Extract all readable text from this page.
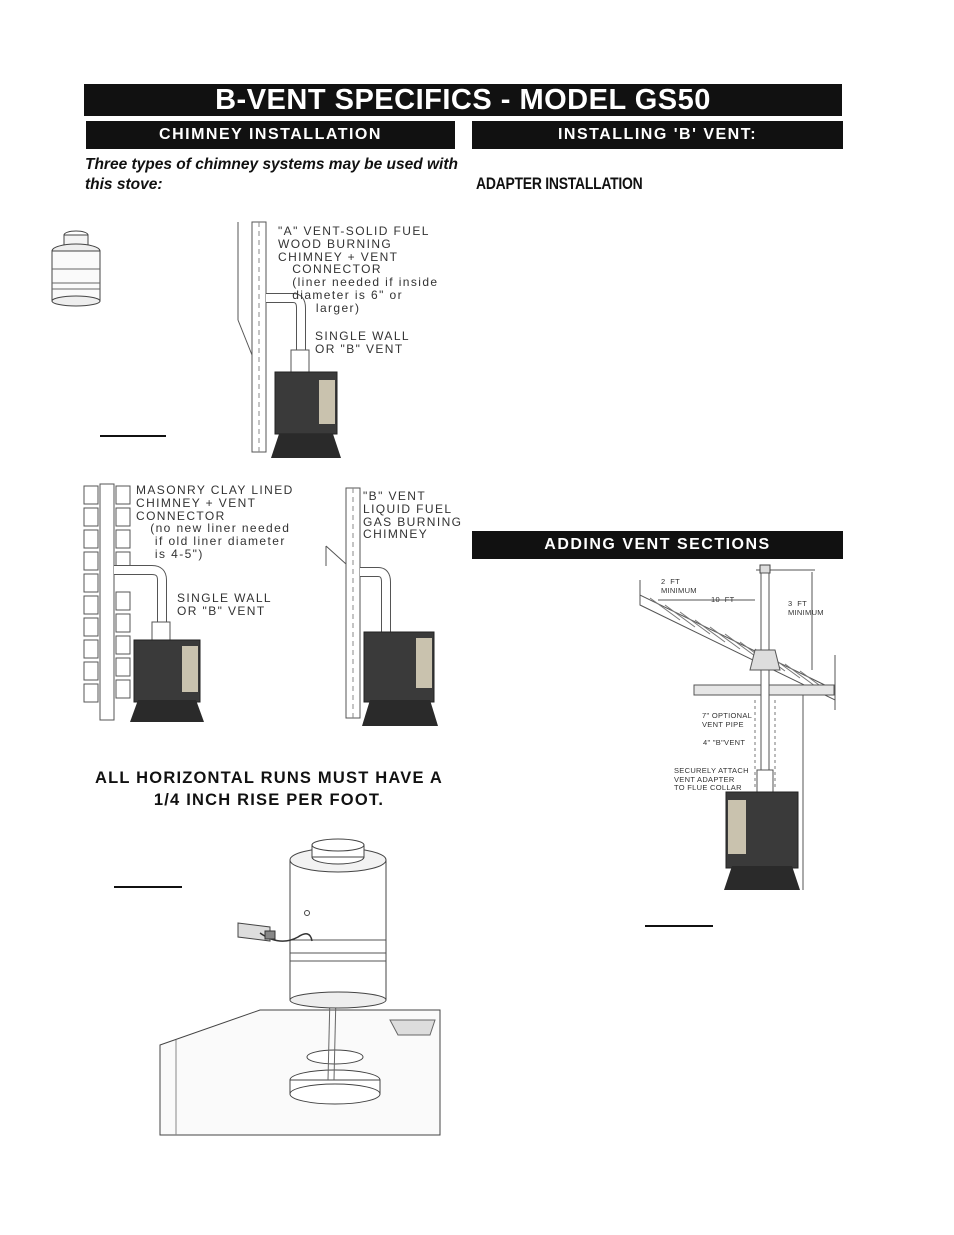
B-VENT SPECIFICS - MODEL GS50
CHIMNEY INSTALLATION
Three types of chimney systems may be used with this stove:
"A" VENT-SOLID FUEL
WOOD BURNING
CHIMNEY + VENT
CONNECTOR
(liner needed if inside
diameter is 6" or
larger)
SINGLE WALL
OR "B" VENT
MASONRY CLAY LINED
CHIMNEY + VENT
CONNECTOR
(no new liner needed
if old liner diameter
is 4-5")
SINGLE WALL
OR "B" VENT
"B" VENT
LIQUID FUEL
GAS BURNING
CHIMNEY
ALL HORIZONTAL RUNS MUST HAVE A 1/4 INCH RISE PER FOOT.
INSTALLING 'B' VENT:
ADAPTER INSTALLATION
ADDING VENT SECTIONS
2  FT
MINIMUM
10  FT	3  FT
MINIMUM
7" OPTIONAL
VENT PIPE
4" "B"VENT
SECURELY ATTACH
VENT ADAPTER
TO FLUE COLLAR
